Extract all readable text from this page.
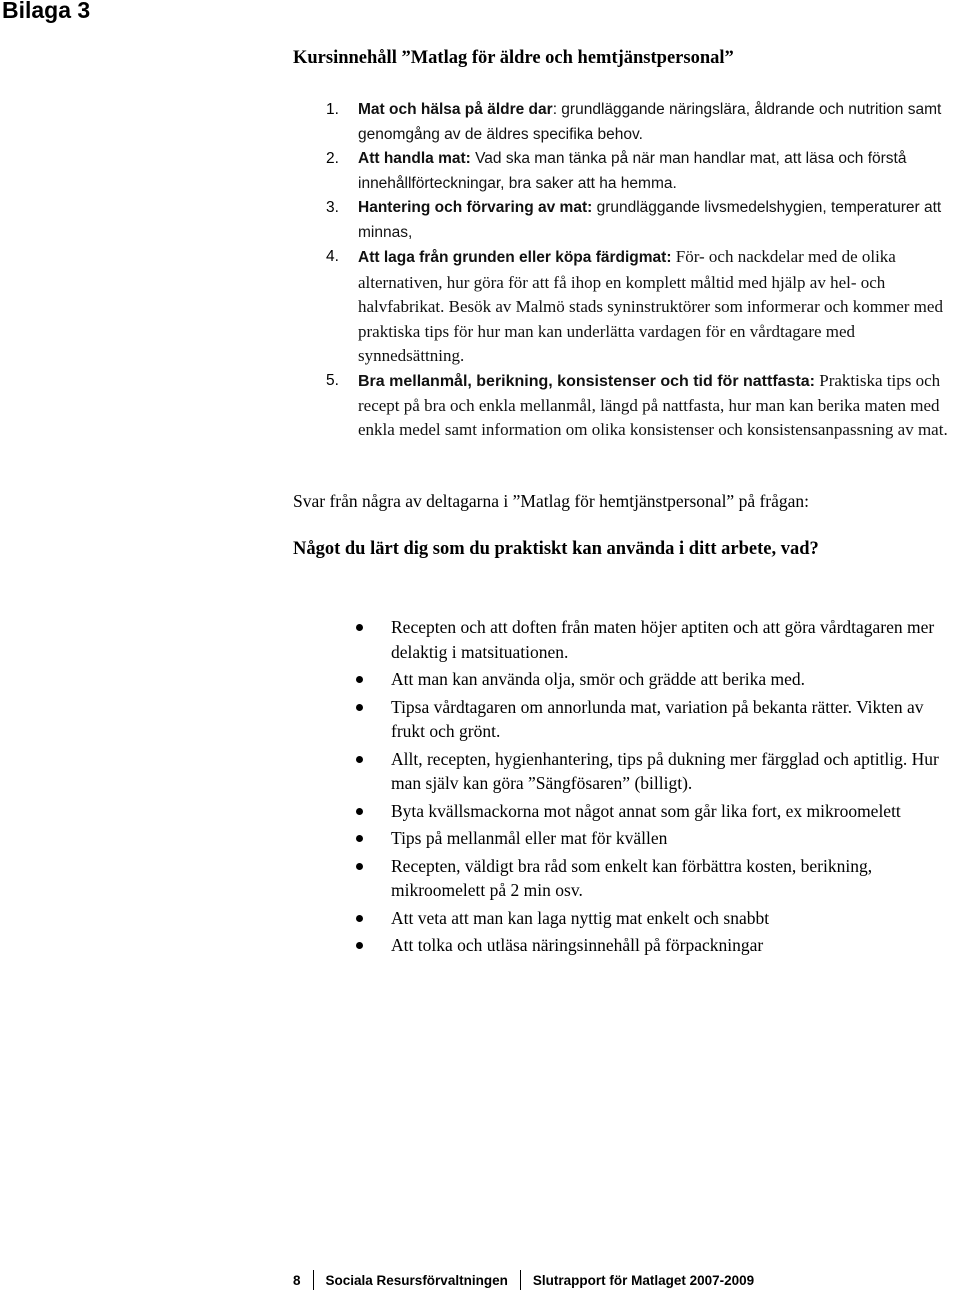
Bilaga 3
Kursinnehåll ”Matlag för äldre och hemtjänstpersonal”
1. Mat och hälsa på äldre dar: grundläggande näringslära, åldrande och nutrition samt genomgång av de äldres specifika behov.
2. Att handla mat: Vad ska man tänka på när man handlar mat, att läsa och förstå innehållförteckningar, bra saker att ha hemma.
3. Hantering och förvaring av mat: grundläggande livsmedelshygien, temperaturer att minnas,
4. Att laga från grunden eller köpa färdigmat: För- och nackdelar med de olika alternativen, hur göra för att få ihop en komplett måltid med hjälp av hel- och halvfabrikat. Besök av Malmö stads syninstruktörer som informerar och kommer med praktiska tips för hur man kan underlätta vardagen för en vårdtagare med synnedsättning.
5. Bra mellanmål, berikning, konsistenser och tid för nattfasta: Praktiska tips och recept på bra och enkla mellanmål, längd på nattfasta, hur man kan berika maten med enkla medel samt information om olika konsistenser och konsistensanpassning av mat.
Svar från några av deltagarna i ”Matlag för hemtjänstpersonal” på frågan:
Något du lärt dig som du praktiskt kan använda i ditt arbete, vad?
Recepten och att doften från maten höjer aptiten och att göra vårdtagaren mer delaktig i matsituationen.
Att man kan använda olja, smör och grädde att berika med.
Tipsa vårdtagaren om annorlunda mat, variation på bekanta rätter. Vikten av frukt och grönt.
Allt, recepten, hygienhantering, tips på dukning mer färgglad och aptitlig. Hur man själv kan göra ”Sängfösaren” (billigt).
Byta kvällsmackorna mot något annat som går lika fort, ex mikroomelett
Tips på mellanmål eller mat för kvällen
Recepten, väldigt bra råd som enkelt kan förbättra kosten, berikning, mikroomelett på 2 min osv.
Att veta att man kan laga nyttig mat enkelt och snabbt
Att tolka och utläsa näringsinnehåll på förpackningar
8 Sociala Resursförvaltningen Slutrapport för Matlaget 2007-2009
